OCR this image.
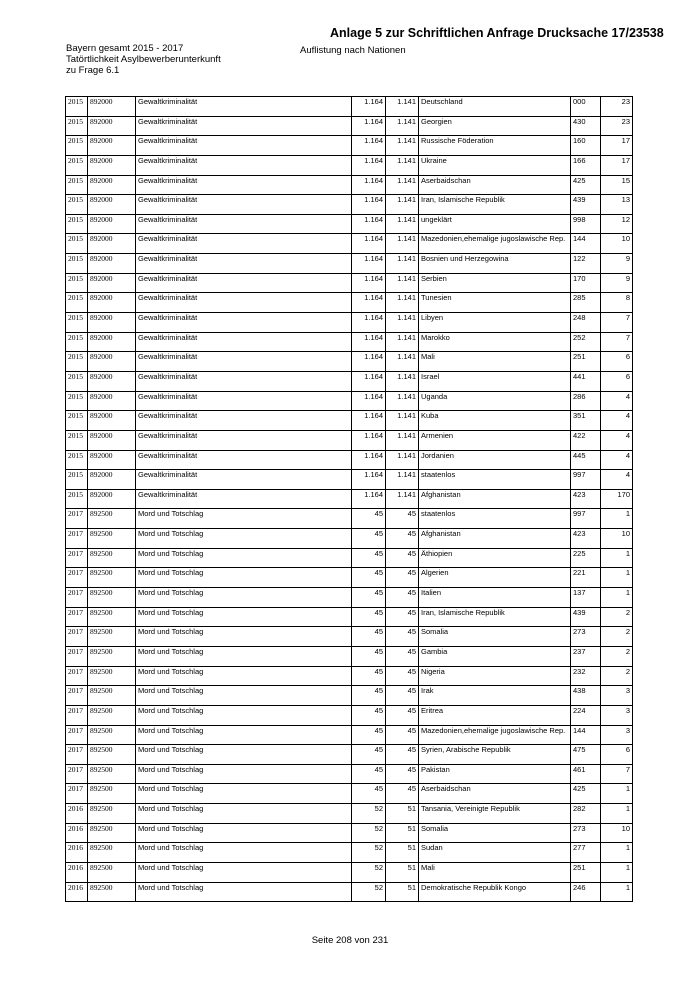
Anlage 5 zur Schriftlichen Anfrage Drucksache 17/23538
Bayern gesamt 2015 - 2017
Tatörtlichkeit Asylbewerberunterkunft
zu Frage 6.1
Auflistung nach Nationen
2015	892000	Gewaltkriminalität	1.164	1.141	Deutschland	000	23
2015	892000	Gewaltkriminalität	1.164	1.141	Georgien	430	23
2015	892000	Gewaltkriminalität	1.164	1.141	Russische Föderation	160	17
2015	892000	Gewaltkriminalität	1.164	1.141	Ukraine	166	17
2015	892000	Gewaltkriminalität	1.164	1.141	Aserbaidschan	425	15
2015	892000	Gewaltkriminalität	1.164	1.141	Iran, Islamische Republik	439	13
2015	892000	Gewaltkriminalität	1.164	1.141	ungeklärt	998	12
2015	892000	Gewaltkriminalität	1.164	1.141	Mazedonien,ehemalige jugoslawische Rep.	144	10
2015	892000	Gewaltkriminalität	1.164	1.141	Bosnien und Herzegowina	122	9
2015	892000	Gewaltkriminalität	1.164	1.141	Serbien	170	9
2015	892000	Gewaltkriminalität	1.164	1.141	Tunesien	285	8
2015	892000	Gewaltkriminalität	1.164	1.141	Libyen	248	7
2015	892000	Gewaltkriminalität	1.164	1.141	Marokko	252	7
2015	892000	Gewaltkriminalität	1.164	1.141	Mali	251	6
2015	892000	Gewaltkriminalität	1.164	1.141	Israel	441	6
2015	892000	Gewaltkriminalität	1.164	1.141	Uganda	286	4
2015	892000	Gewaltkriminalität	1.164	1.141	Kuba	351	4
2015	892000	Gewaltkriminalität	1.164	1.141	Armenien	422	4
2015	892000	Gewaltkriminalität	1.164	1.141	Jordanien	445	4
2015	892000	Gewaltkriminalität	1.164	1.141	staatenlos	997	4
2015	892000	Gewaltkriminalität	1.164	1.141	Afghanistan	423	170
2017	892500	Mord und Totschlag	45	45	staatenlos	997	1
2017	892500	Mord und Totschlag	45	45	Afghanistan	423	10
2017	892500	Mord und Totschlag	45	45	Äthiopien	225	1
2017	892500	Mord und Totschlag	45	45	Algerien	221	1
2017	892500	Mord und Totschlag	45	45	Italien	137	1
2017	892500	Mord und Totschlag	45	45	Iran, Islamische Republik	439	2
2017	892500	Mord und Totschlag	45	45	Somalia	273	2
2017	892500	Mord und Totschlag	45	45	Gambia	237	2
2017	892500	Mord und Totschlag	45	45	Nigeria	232	2
2017	892500	Mord und Totschlag	45	45	Irak	438	3
2017	892500	Mord und Totschlag	45	45	Eritrea	224	3
2017	892500	Mord und Totschlag	45	45	Mazedonien,ehemalige jugoslawische Rep.	144	3
2017	892500	Mord und Totschlag	45	45	Syrien, Arabische Republik	475	6
2017	892500	Mord und Totschlag	45	45	Pakistan	461	7
2017	892500	Mord und Totschlag	45	45	Aserbaidschan	425	1
2016	892500	Mord und Totschlag	52	51	Tansania, Vereinigte Republik	282	1
2016	892500	Mord und Totschlag	52	51	Somalia	273	10
2016	892500	Mord und Totschlag	52	51	Sudan	277	1
2016	892500	Mord und Totschlag	52	51	Mali	251	1
2016	892500	Mord und Totschlag	52	51	Demokratische Republik Kongo	246	1
Seite 208 von 231
